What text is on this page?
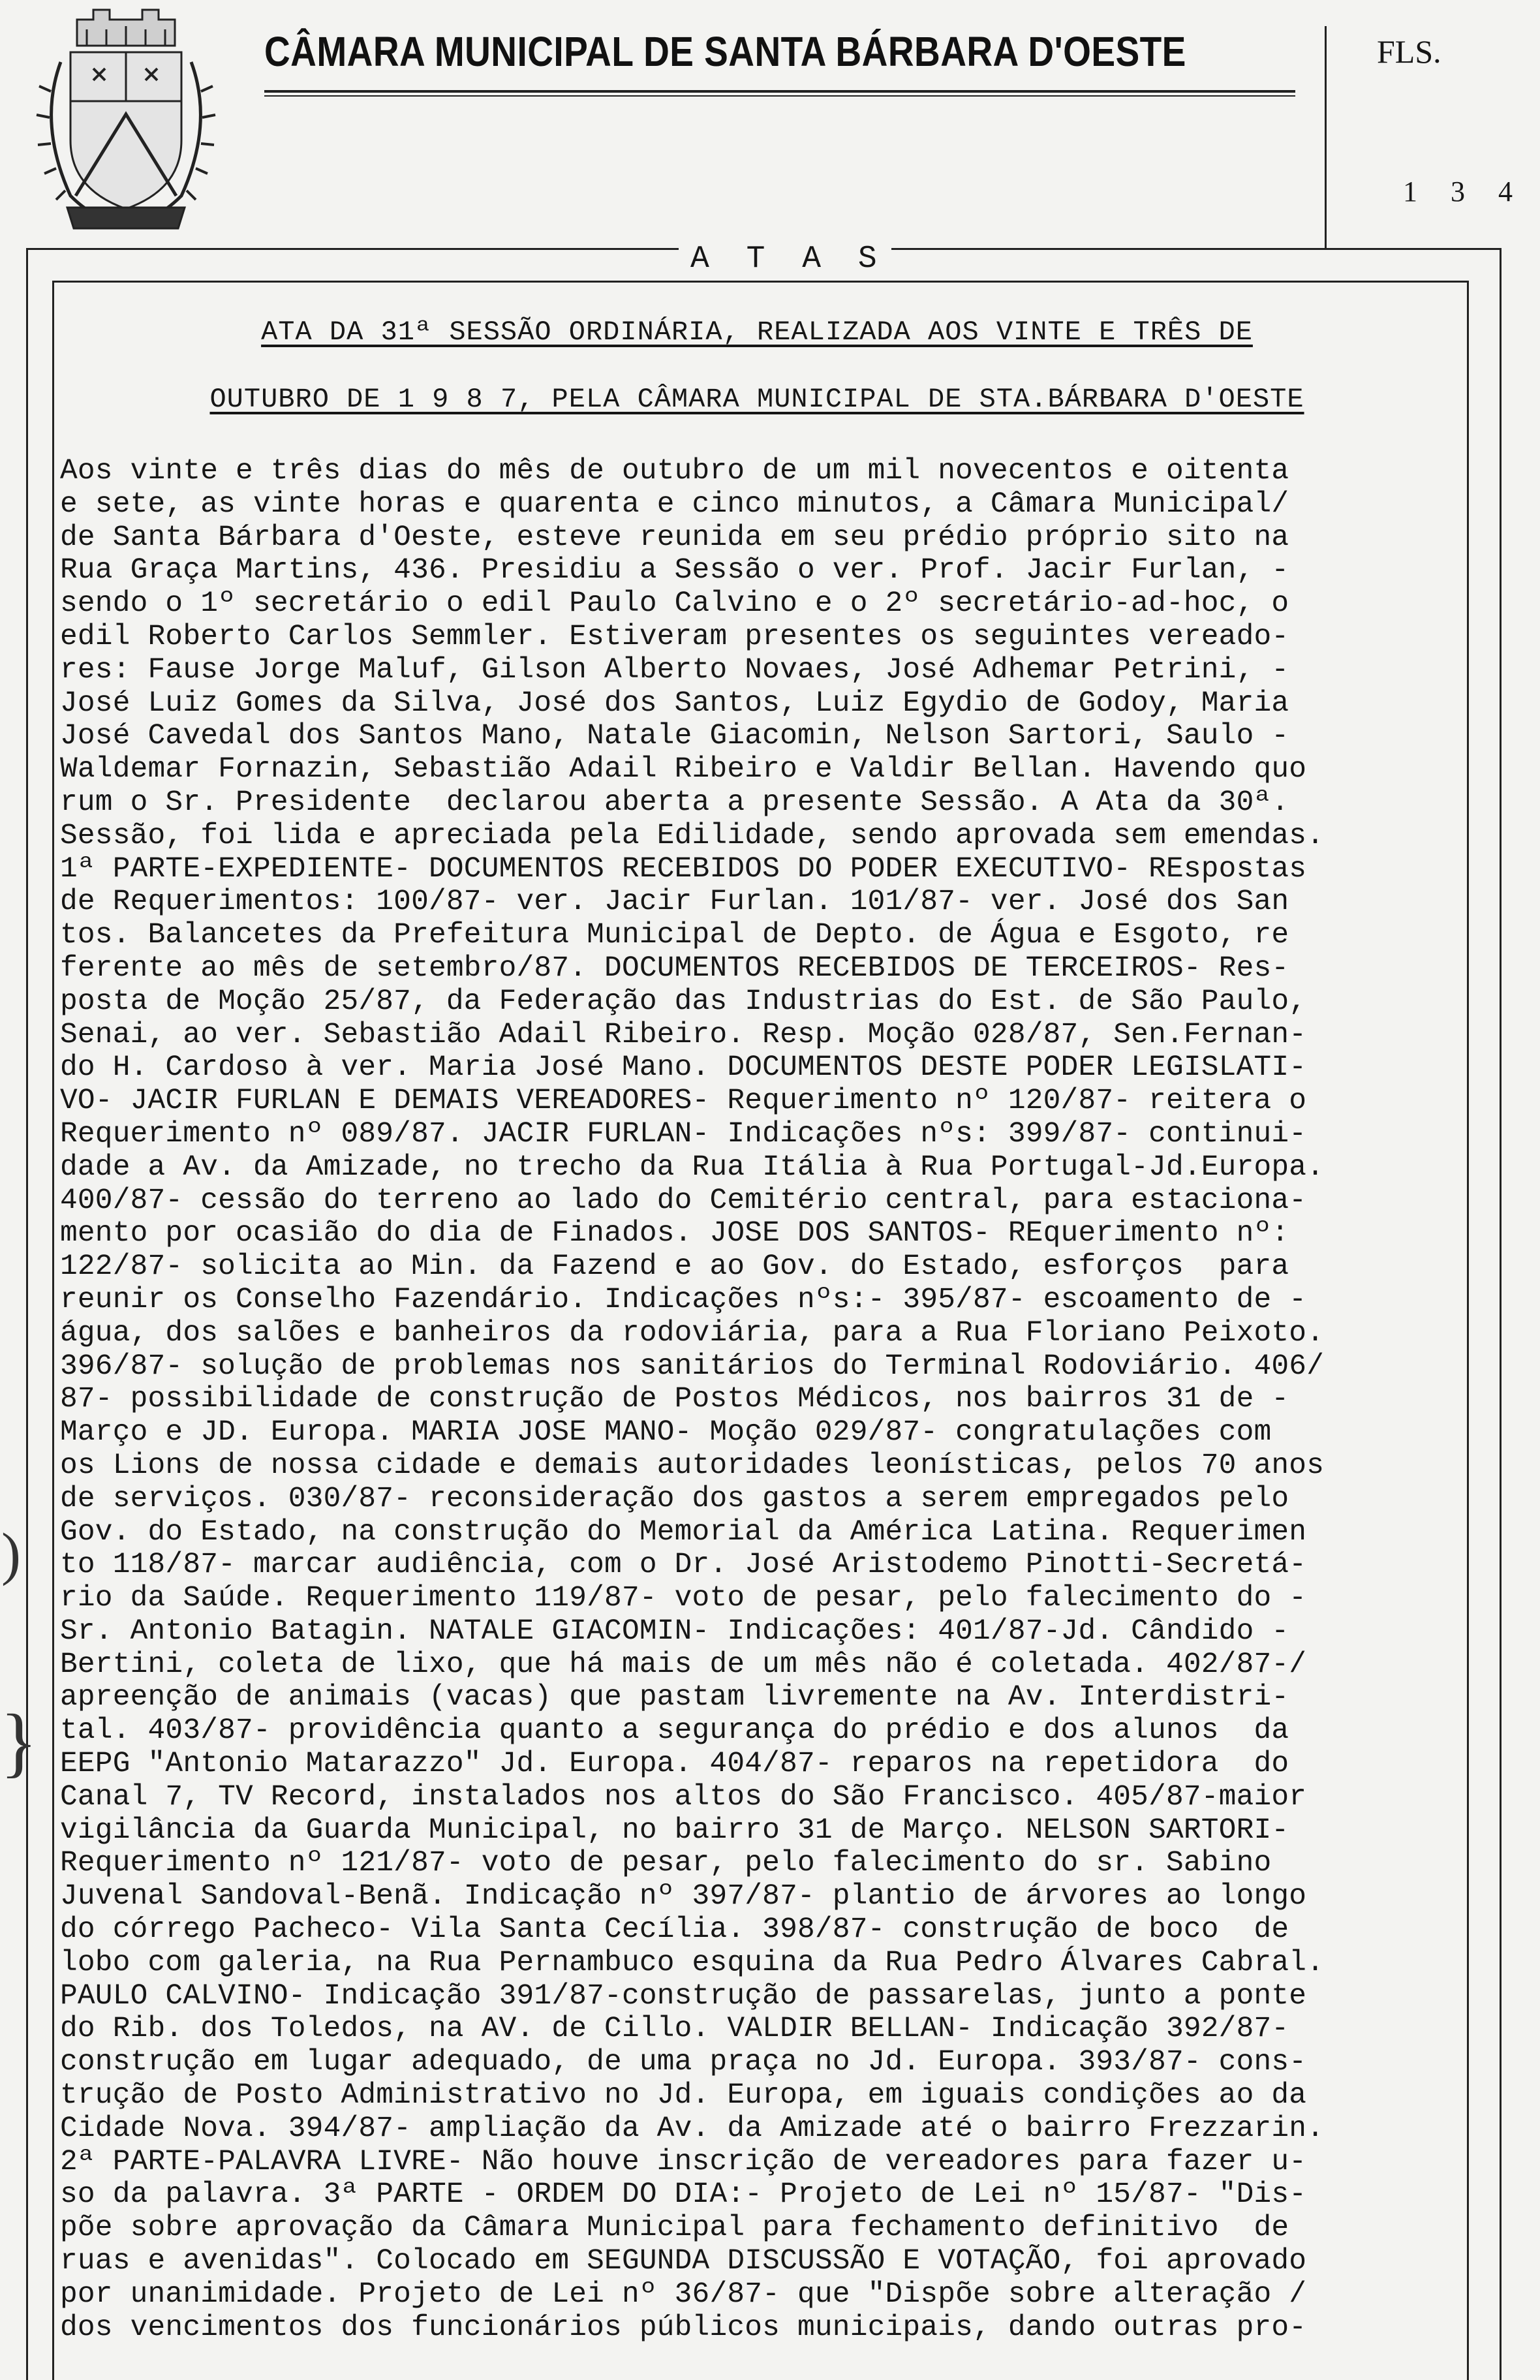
CÂMARA MUNICIPAL DE SANTA BÁRBARA D'OESTE	FLS.
1 3 4
A T A S
ATA DA 31ª SESSÃO ORDINÁRIA, REALIZADA AOS VINTE E TRÊS DE
OUTUBRO DE 1 9 8 7, PELA CÂMARA MUNICIPAL DE STA.BÁRBARA D'OESTE

Aos vinte e três dias do mês de outubro de um mil novecentos e oitenta

e sete, as vinte horas e quarenta e cinco minutos, a Câmara Municipal/

de Santa Bárbara d'Oeste, esteve reunida em seu prédio próprio sito na

Rua Graça Martins, 436. Presidiu a Sessão o ver. Prof. Jacir Furlan, -

sendo o 1º secretário o edil Paulo Calvino e o 2º secretário-ad-hoc, o

edil Roberto Carlos Semmler. Estiveram presentes os seguintes vereado-

res: Fause Jorge Maluf, Gilson Alberto Novaes, José Adhemar Petrini, -

José Luiz Gomes da Silva, José dos Santos, Luiz Egydio de Godoy, Maria

José Cavedal dos Santos Mano, Natale Giacomin, Nelson Sartori, Saulo -

Waldemar Fornazin, Sebastião Adail Ribeiro e Valdir Bellan. Havendo quo

rum o Sr. Presidente  declarou aberta a presente Sessão. A Ata da 30ª.

Sessão, foi lida e apreciada pela Edilidade, sendo aprovada sem emendas.

1ª PARTE-EXPEDIENTE- DOCUMENTOS RECEBIDOS DO PODER EXECUTIVO- REspostas

de Requerimentos: 100/87- ver. Jacir Furlan. 101/87- ver. José dos San

tos. Balancetes da Prefeitura Municipal de Depto. de Água e Esgoto, re

ferente ao mês de setembro/87. DOCUMENTOS RECEBIDOS DE TERCEIROS- Res-

posta de Moção 25/87, da Federação das Industrias do Est. de São Paulo,

Senai, ao ver. Sebastião Adail Ribeiro. Resp. Moção 028/87, Sen.Fernan-

do H. Cardoso à ver. Maria José Mano. DOCUMENTOS DESTE PODER LEGISLATI-

VO- JACIR FURLAN E DEMAIS VEREADORES- Requerimento nº 120/87- reitera o

Requerimento nº 089/87. JACIR FURLAN- Indicações nºs: 399/87- continui-

dade a Av. da Amizade, no trecho da Rua Itália à Rua Portugal-Jd.Europa.

400/87- cessão do terreno ao lado do Cemitério central, para estaciona-

mento por ocasião do dia de Finados. JOSE DOS SANTOS- REquerimento nº:

122/87- solicita ao Min. da Fazend e ao Gov. do Estado, esforços  para

reunir os Conselho Fazendário. Indicações nºs:- 395/87- escoamento de -

água, dos salões e banheiros da rodoviária, para a Rua Floriano Peixoto.

396/87- solução de problemas nos sanitários do Terminal Rodoviário. 406/

87- possibilidade de construção de Postos Médicos, nos bairros 31 de -

Março e JD. Europa. MARIA JOSE MANO- Moção 029/87- congratulações com

os Lions de nossa cidade e demais autoridades leonísticas, pelos 70 anos

de serviços. 030/87- reconsideração dos gastos a serem empregados pelo

Gov. do Estado, na construção do Memorial da América Latina. Requerimen

to 118/87- marcar audiência, com o Dr. José Aristodemo Pinotti-Secretá-

rio da Saúde. Requerimento 119/87- voto de pesar, pelo falecimento do -

Sr. Antonio Batagin. NATALE GIACOMIN- Indicações: 401/87-Jd. Cândido -

Bertini, coleta de lixo, que há mais de um mês não é coletada. 402/87-/

apreenção de animais (vacas) que pastam livremente na Av. Interdistri-

tal. 403/87- providência quanto a segurança do prédio e dos alunos  da

EEPG "Antonio Matarazzo" Jd. Europa. 404/87- reparos na repetidora  do

Canal 7, TV Record, instalados nos altos do São Francisco. 405/87-maior

vigilância da Guarda Municipal, no bairro 31 de Março. NELSON SARTORI-

Requerimento nº 121/87- voto de pesar, pelo falecimento do sr. Sabino

Juvenal Sandoval-Benã. Indicação nº 397/87- plantio de árvores ao longo

do córrego Pacheco- Vila Santa Cecília. 398/87- construção de boco  de

lobo com galeria, na Rua Pernambuco esquina da Rua Pedro Álvares Cabral.

PAULO CALVINO- Indicação 391/87-construção de passarelas, junto a ponte

do Rib. dos Toledos, na AV. de Cillo. VALDIR BELLAN- Indicação 392/87-

construção em lugar adequado, de uma praça no Jd. Europa. 393/87- cons-

trução de Posto Administrativo no Jd. Europa, em iguais condições ao da

Cidade Nova. 394/87- ampliação da Av. da Amizade até o bairro Frezzarin.

2ª PARTE-PALAVRA LIVRE- Não houve inscrição de vereadores para fazer u-

so da palavra. 3ª PARTE - ORDEM DO DIA:- Projeto de Lei nº 15/87- "Dis-

põe sobre aprovação da Câmara Municipal para fechamento definitivo  de

ruas e avenidas". Colocado em SEGUNDA DISCUSSÃO E VOTAÇÃO, foi aprovado

por unanimidade. Projeto de Lei nº 36/87- que "Dispõe sobre alteração /

dos vencimentos dos funcionários públicos municipais, dando outras pro-

)
}
